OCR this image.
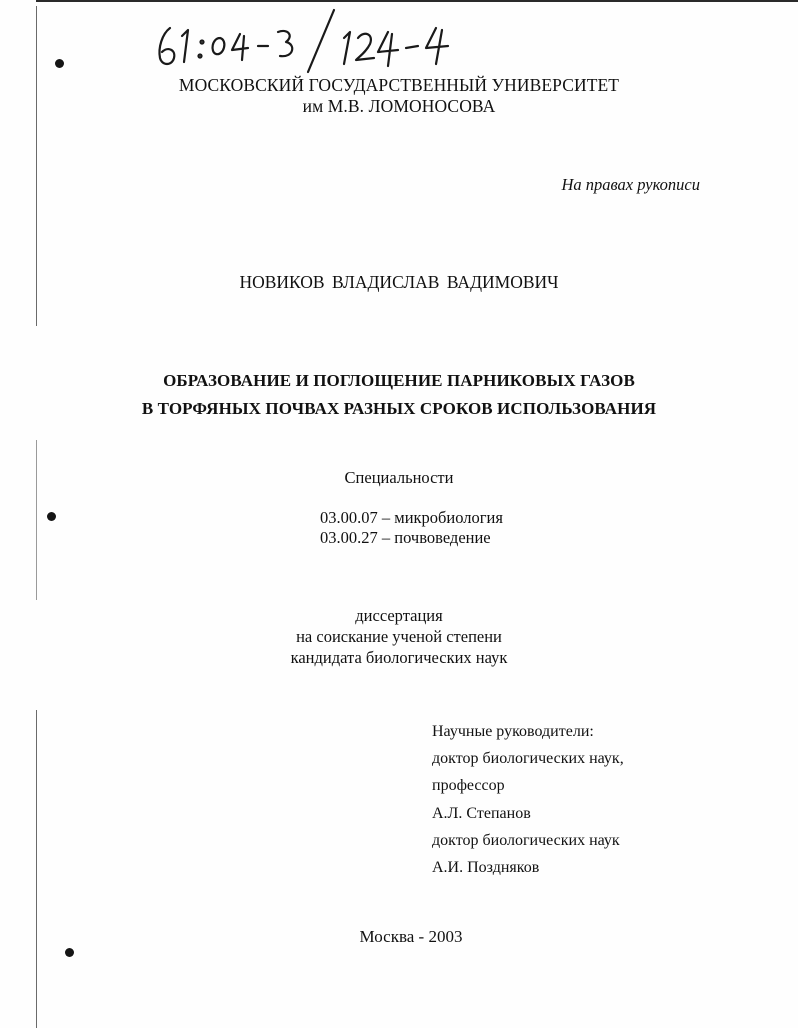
МОСКОВСКИЙ ГОСУДАРСТВЕННЫЙ УНИВЕРСИТЕТ
им М.В. ЛОМОНОСОВА
На правах рукописи
НОВИКОВ ВЛАДИСЛАВ ВАДИМОВИЧ
ОБРАЗОВАНИЕ И ПОГЛОЩЕНИЕ ПАРНИКОВЫХ ГАЗОВ
В ТОРФЯНЫХ ПОЧВАХ РАЗНЫХ СРОКОВ ИСПОЛЬЗОВАНИЯ
Специальности
03.00.07 – микробиология
03.00.27 – почвоведение
диссертация
на соискание ученой степени
кандидата биологических наук
Научные руководители:
доктор биологических наук,
профессор
А.Л. Степанов
доктор биологических наук
А.И. Поздняков
Москва - 2003
